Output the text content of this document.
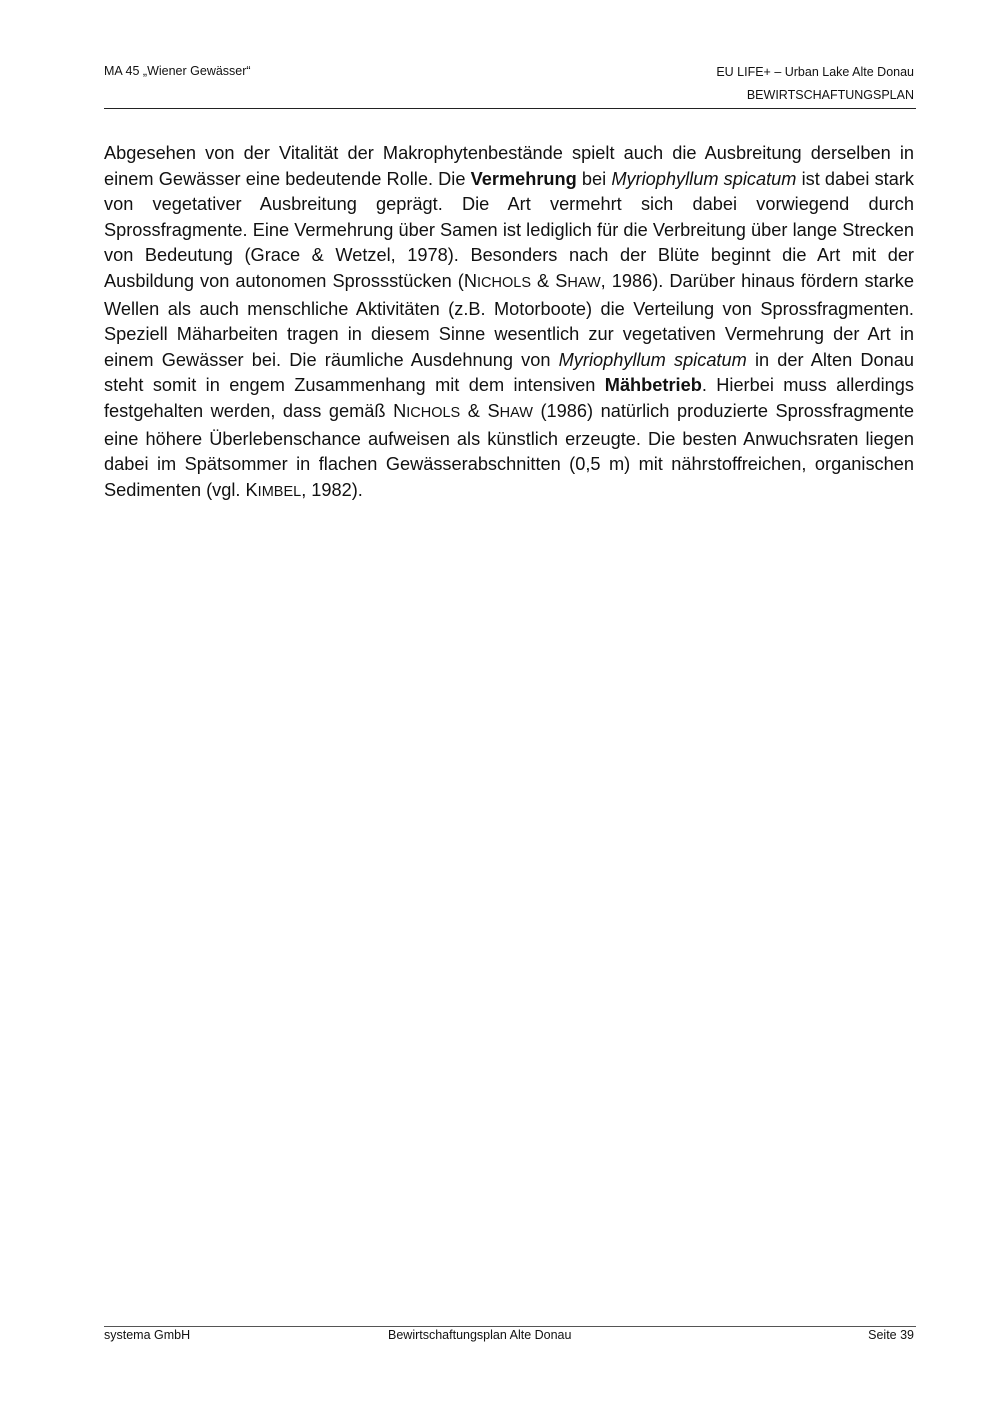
MA 45 „Wiener Gewässer“	EU LIFE+ – Urban Lake Alte Donau
BEWIRTSCHAFTUNGSPLAN

Abgesehen von der Vitalität der Makrophytenbestände spielt auch die Ausbreitung derselben in einem Gewässer eine bedeutende Rolle. Die Vermehrung bei Myriophyllum spicatum ist dabei stark von vegetativer Ausbreitung geprägt. Die Art vermehrt sich dabei vorwiegend durch Sprossfragmente. Eine Vermehrung über Samen ist lediglich für die Verbreitung über lange Strecken von Bedeutung (Grace & Wetzel, 1978). Besonders nach der Blüte beginnt die Art mit der Ausbildung von autonomen Sprossstücken (NICHOLS & SHAW, 1986). Darüber hinaus fördern starke Wellen als auch menschliche Aktivitäten (z.B. Motorboote) die Verteilung von Sprossfragmenten. Speziell Mäharbeiten tragen in diesem Sinne wesentlich zur vegetativen Vermehrung der Art in einem Gewässer bei. Die räumliche Ausdehnung von Myriophyllum spicatum in der Alten Donau steht somit in engem Zusammenhang mit dem intensiven Mähbetrieb. Hierbei muss allerdings festgehalten werden, dass gemäß NICHOLS & SHAW (1986) natürlich produzierte Sprossfragmente eine höhere Überlebenschance aufweisen als künstlich erzeugte. Die besten Anwuchsraten liegen dabei im Spätsommer in flachen Gewässerabschnitten (0,5 m) mit nährstoffreichen, organischen Sedimenten (vgl. KIMBEL, 1982).

systema GmbH	Bewirtschaftungsplan Alte Donau	Seite 39
